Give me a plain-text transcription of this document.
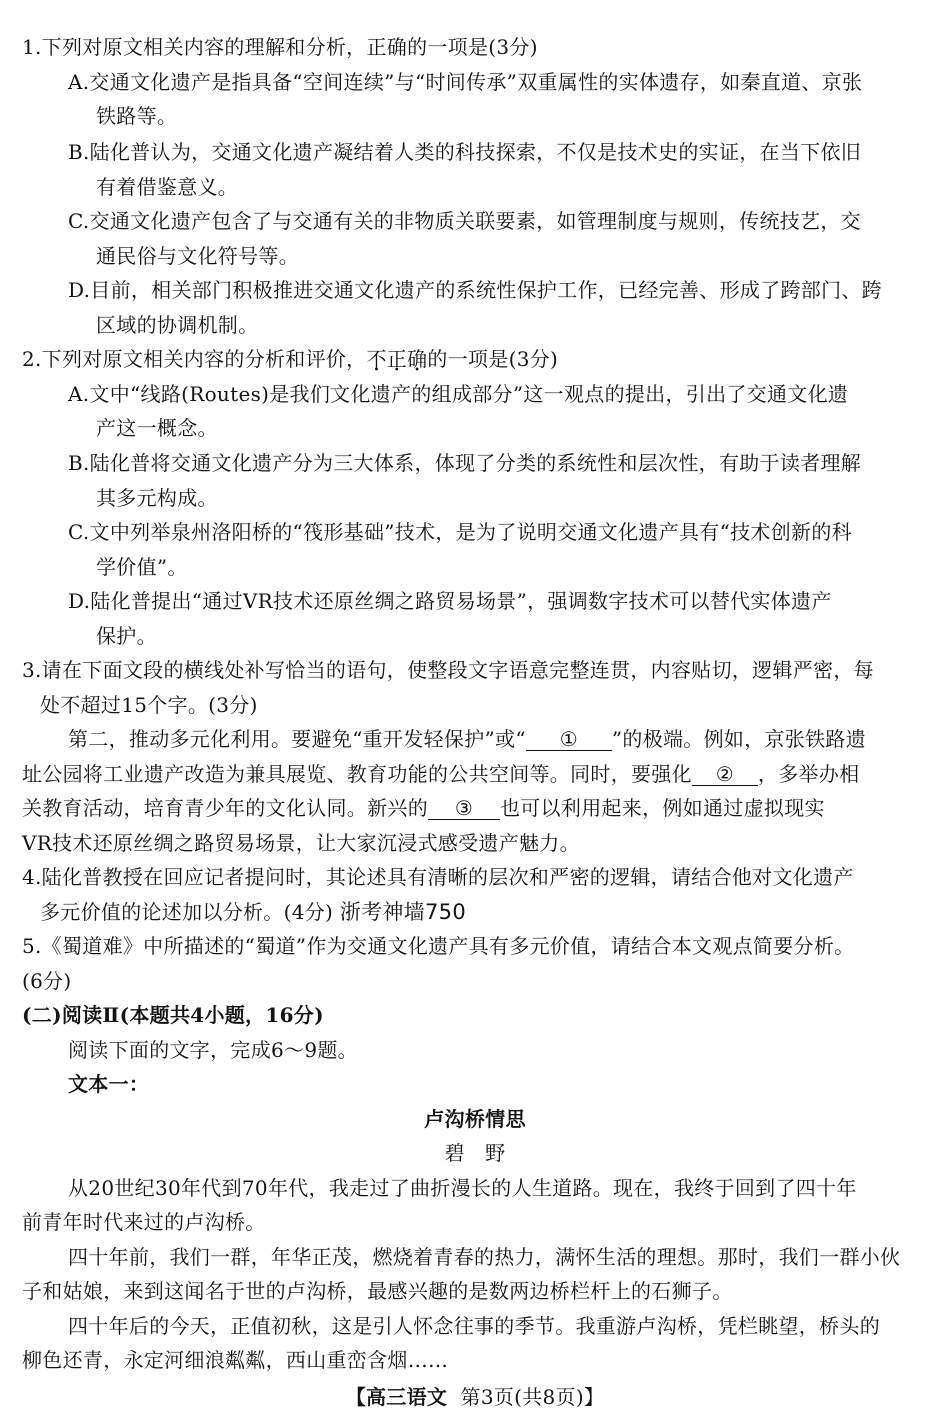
1.下列对原文相关内容的理解和分析，正确的一项是(3分)
A.交通文化遗产是指具备“空间连续”与“时间传承”双重属性的实体遗存，如秦直道、京张
铁路等。
B.陆化普认为，交通文化遗产凝结着人类的科技探索，不仅是技术史的实证，在当下依旧
有着借鉴意义。
C.交通文化遗产包含了与交通有关的非物质关联要素，如管理制度与规则，传统技艺，交
通民俗与文化符号等。
D.目前，相关部门积极推进交通文化遗产的系统性保护工作，已经完善、形成了跨部门、跨
区域的协调机制。
2.下列对原文相关内容的分析和评价，不正确的一项是(3分)
A.文中“线路(Routes)是我们文化遗产的组成部分”这一观点的提出，引出了交通文化遗
产这一概念。
B.陆化普将交通文化遗产分为三大体系，体现了分类的系统性和层次性，有助于读者理解
其多元构成。
C.文中列举泉州洛阳桥的“筏形基础”技术，是为了说明交通文化遗产具有“技术创新的科
学价值”。
D.陆化普提出“通过VR技术还原丝绸之路贸易场景”，强调数字技术可以替代实体遗产
保护。
3.请在下面文段的横线处补写恰当的语句，使整段文字语意完整连贯，内容贴切，逻辑严密，每
处不超过15个字。(3分)
第二，推动多元化利用。要避免“重开发轻保护”或“ ① ”的极端。例如，京张铁路遗
址公园将工业遗产改造为兼具展览、教育功能的公共空间等。同时，要强化 ② ，多举办相
关教育活动，培育青少年的文化认同。新兴的 ③ 也可以利用起来，例如通过虚拟现实
VR技术还原丝绸之路贸易场景，让大家沉浸式感受遗产魅力。
4.陆化普教授在回应记者提问时，其论述具有清晰的层次和严密的逻辑，请结合他对文化遗产
多元价值的论述加以分析。(4分) 浙考神墙750
5.《蜀道难》中所描述的“蜀道”作为交通文化遗产具有多元价值，请结合本文观点简要分析。
(6分)
(二)阅读Ⅱ(本题共4小题，16分)
阅读下面的文字，完成6～9题。
文本一：
卢沟桥情思
碧　野
从20世纪30年代到70年代，我走过了曲折漫长的人生道路。现在，我终于回到了四十年
前青年时代来过的卢沟桥。
四十年前，我们一群，年华正茂，燃烧着青春的热力，满怀生活的理想。那时，我们一群小伙
子和姑娘，来到这闻名于世的卢沟桥，最感兴趣的是数两边桥栏杆上的石狮子。
四十年后的今天，正值初秋，这是引人怀念往事的季节。我重游卢沟桥，凭栏眺望，桥头的
柳色还青，永定河细浪粼粼，西山重峦含烟……
【高三语文 第3页(共8页)】
